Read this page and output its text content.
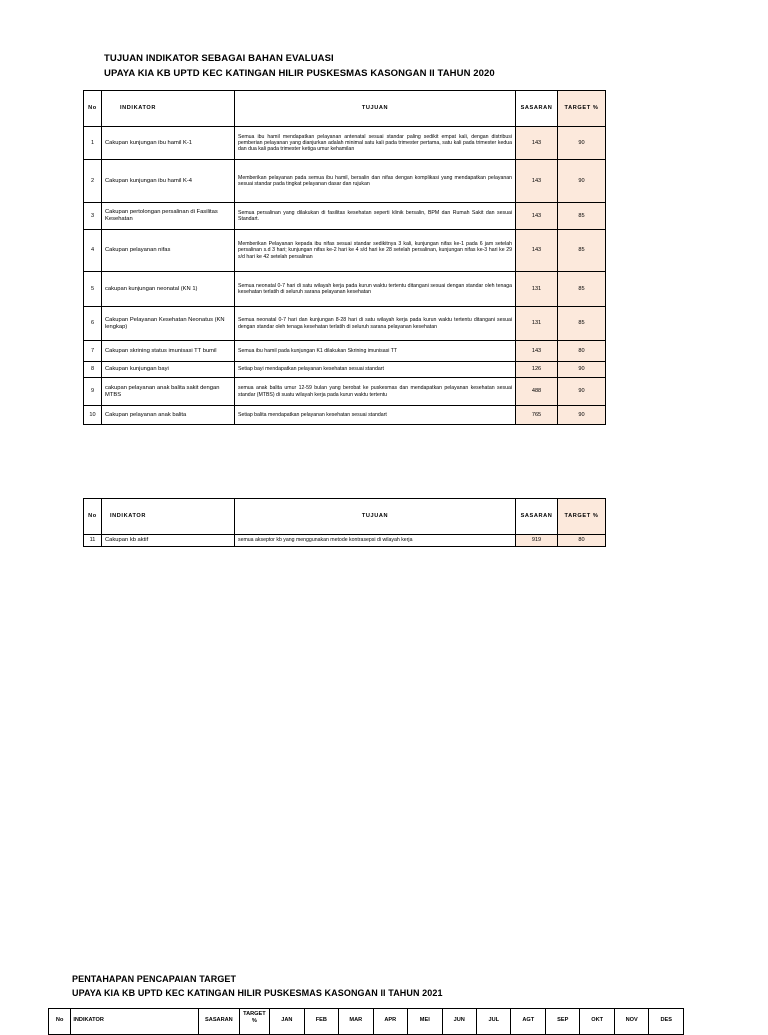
TUJUAN INDIKATOR SEBAGAI BAHAN EVALUASI
UPAYA KIA KB UPTD KEC KATINGAN HILIR PUSKESMAS KASONGAN II TAHUN 2020
No	INDIKATOR	TUJUAN	SASARAN	TARGET %
1	Cakupan kunjungan ibu hamil K-1	Semua ibu hamil mendapatkan pelayanan antenatal sesuai standar paling sedikit empat kali, dengan distribusi pemberian pelayanan yang dianjurkan adalah minimal satu kali pada trimester pertama, satu kali pada trimester kedua dan dua kali pada trimester ketiga umur kehamilan	143	90
2	Cakupan kunjungan ibu hamil K-4	Memberikan pelayanan pada semua ibu hamil, bersalin dan nifas dengan komplikasi yang mendapatkan pelayanan sesuai standar pada tingkat pelayanan dasar dan rujukan	143	90
3	Cakupan pertolongan persalinan di Fasilitas Kesehatan	Semua persalinan yang dilakukan di fasilitas kesehatan seperti klinik bersalin, BPM dan Rumah Sakit dan sesuai Standart.	143	85
4	Cakupan pelayanan nifas	Memberikan Pelayanan kepada ibu nifas sesuai standar sedikitnya 3 kali, kunjungan nifas ke-1 pada 6 jam setelah persalinan s.d 3 hari; kunjungan nifas ke-2 hari ke 4 s/d hari ke 28 setelah persalinan, kunjungan nifas ke-3 hari ke 29 s/d hari ke 42 setelah persalinan	143	85
5	cakupan kunjungan neonatal (KN 1)	Semua neonatal 0-7 hari di satu wilayah kerja pada kurun waktu tertentu ditangani sesuai dengan standar oleh tenaga kesehatan terlatih di seluruh sarana pelayanan kesehatan	131	85
6	Cakupan Pelayanan Kesehatan Neonatus (KN lengkap)	Semua neonatal 0-7 hari dan kunjungan 8-28 hari di satu wilayah kerja pada kurun waktu tertentu ditangani sesuai dengan standar oleh tenaga kesehatan terlatih di seluruh sarana pelayanan kesehatan	131	85
7	Cakupan skrining status imunisasi TT bumil	Semua ibu hamil pada kunjungan K1 dilakukan Skrining imunisasi TT	143	80
8	Cakupan kunjungan bayi	Setiap bayi mendapatkan pelayanan kesehatan sesuai standart	126	90
9	cakupan pelayanan anak balita sakit dengan MTBS	semua anak balita umur 12-59 bulan yang berobat ke puskesmas dan mendapatkan pelayanan kesehatan sesuai standar (MTBS) di suatu wilayah kerja pada kurun waktu tertentu	488	90
10	Cakupan pelayanan anak balita	Setiap balita mendapatkan pelayanan kesehatan sesuai standart	765	90
No	INDIKATOR	TUJUAN	SASARAN	TARGET %
11	Cakupan kb aktif	semua akseptor kb yang menggunakan metode kontrasepsi di wilayah kerja	919	80
PENTAHAPAN PENCAPAIAN TARGET
UPAYA KIA KB UPTD KEC KATINGAN HILIR PUSKESMAS KASONGAN II TAHUN 2021
No	INDIKATOR	SASARAN	TARGET %	JAN	FEB	MAR	APR	MEI	JUN	JUL	AGT	SEP	OKT	NOV	DES
